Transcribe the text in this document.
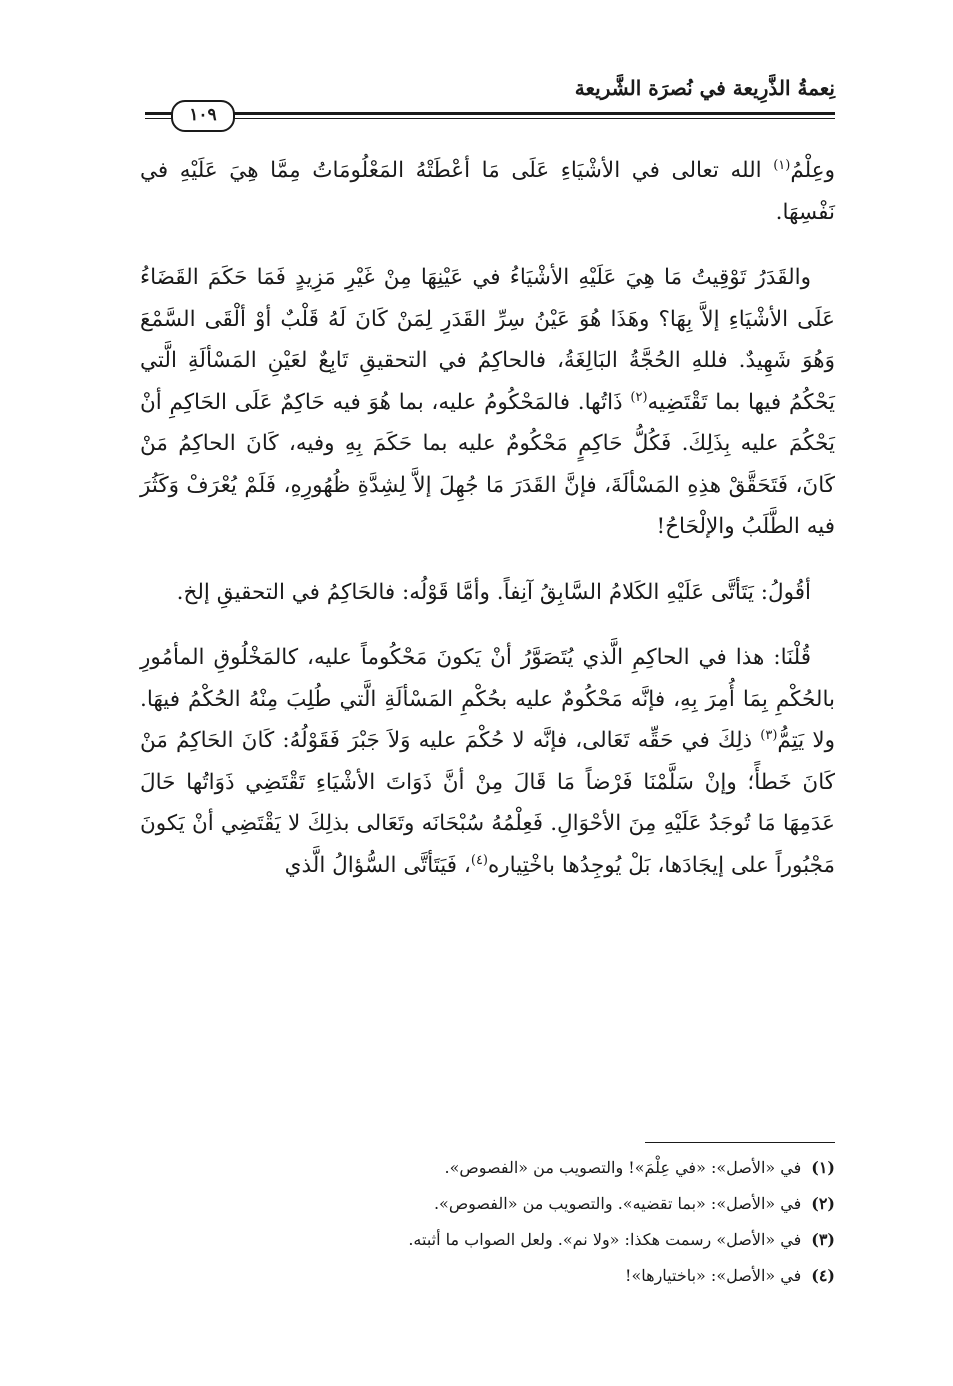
نِعمةُ الذَّرِيعة في نُصرَة الشَّريعة
١٠٩

وعِلْمُ$^{(١)}$ الله تعالى في الأشْيَاءِ عَلَى مَا أعْطَتْهُ المَعْلُومَاتُ مِمَّا هِيَ عَلَيْهِ في نَفْسِهَا.

والقَدَرُ تَوْقِيتُ مَا هِيَ عَلَيْهِ الأشْيَاءُ في عَيْنِهَا مِنْ غَيْرِ مَزِيدٍ فَمَا حَكَمَ القَضَاءُ عَلَى الأشْيَاءِ إلاَّ بِهَا؟ وهَذَا هُوَ عَيْنُ سِرِّ القَدَرِ لِمَنْ كَانَ لَهُ قَلْبٌ أوْ ألْقَى السَّمْعَ وَهُوَ شَهِيدٌ. فللهِ الحُجَّةُ البَالِغَةُ، فالحاكِمُ في التحقيقِ تَابِعٌ لعَيْنِ المَسْألَةِ الَّتي يَحْكُمُ فيها بما تَقْتَضِيه$^{(٢)}$ ذَاتُها. فالمَحْكُومُ عليه، بما هُوَ فيه حَاكِمٌ عَلَى الحَاكِمِ أنْ يَحْكُمَ عليه بِذَلِكَ. فَكُلُّ حَاكِمٍ مَحْكُومٌ عليه بما حَكَمَ بِهِ وفيه، كَانَ الحاكِمُ مَنْ كَانَ، فَتَحَقَّقْ هذِهِ المَسْألَةَ، فإنَّ القَدَرَ مَا جُهِلَ إلاَّ لِشِدَّةِ ظُهُورِهِ، فَلَمْ يُعْرَفْ وَكَثُرَ فيه الطَّلَبُ والإلْحَاحُ!

أقُولُ: يَتَأتَّى عَلَيْهِ الكَلامُ السَّابِقُ آنِفاً. وأمَّا قَوْلُه: فالحَاكِمُ في التحقيقِ إلخ.

قُلْنَا: هذا في الحاكِمِ الَّذي يُتَصَوَّرُ أنْ يَكونَ مَحْكُوماً عليه، كالمَخْلُوقِ المأمُورِ بالحُكْمِ بِمَا أُمِرَ بِهِ، فإنَّه مَحْكُومٌ عليه بحُكْمِ المَسْألَةِ الَّتي طُلِبَ مِنْهُ الحُكْمُ فيهَا. ولا يَتِمُّ$^{(٣)}$ ذلِكَ في حَقِّه تَعَالى، فإنَّه لا حُكْمَ عليه وَلاَ جَبْرَ فَقَوْلُهُ: كَانَ الحَاكِمُ مَنْ كَانَ خَطأً؛ وإنْ سَلَّمْنَا فَرْضاً مَا قَالَ مِنْ أنَّ ذَوَاتَ الأشْيَاءِ تَقْتَضِي ذَوَاتُها حَالَ عَدَمِهَا مَا تُوجَدُ عَلَيْهِ مِنَ الأحْوَالِ. فَعِلْمُهُ سُبْحَانَه وتَعَالى بذلِكَ لا يَقْتَضِي أنْ يَكونَ مَجْبُوراً على إيجَادَها، بَلْ يُوجِدُها باخْتِياره$^{(٤)}$، فَيَتَأتَّى السُّؤالُ الَّذي

(١)في «الأصل»: «في عِلْمَ»! والتصويب من «الفصوص».
(٢)في «الأصل»: «بما تقضيه». والتصويب من «الفصوص».
(٣)في «الأصل» رسمت هكذا: «ولا نم». ولعل الصواب ما أثبته.
(٤)في «الأصل»: «باختيارها»!
